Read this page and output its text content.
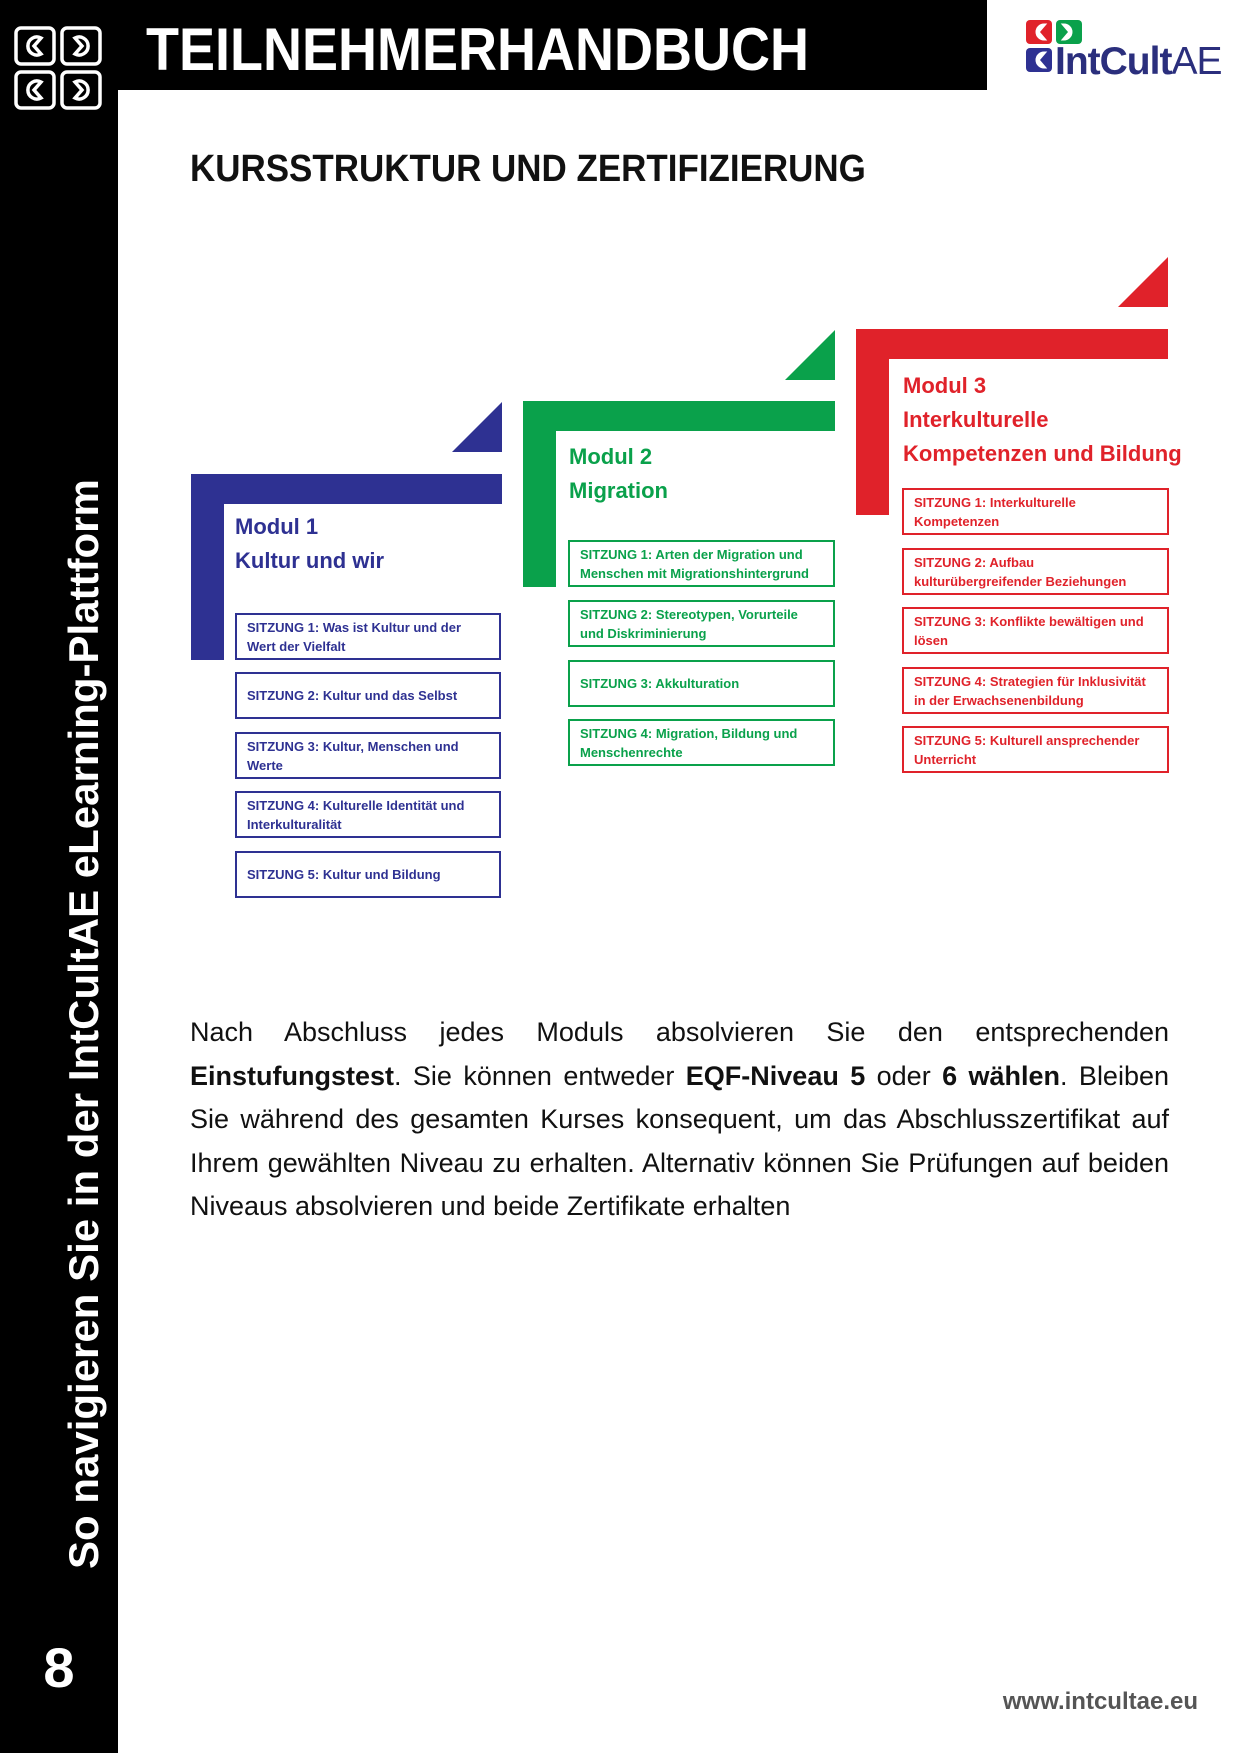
TEILNEHMERHANDBUCH	IntCultAE
So navigieren Sie in der IntCultAE eLearning-Plattform
8
KURSSTRUKTUR UND ZERTIFIZIERUNG
Modul 1
Kultur und wir
SITZUNG 1: Was ist Kultur und der Wert der Vielfalt
SITZUNG 2: Kultur und das Selbst
SITZUNG 3: Kultur, Menschen und Werte
SITZUNG 4: Kulturelle Identität und Interkulturalität
SITZUNG 5: Kultur und Bildung
Modul 2
Migration
SITZUNG 1: Arten der Migration und Menschen mit Migrationshintergrund
SITZUNG 2: Stereotypen, Vorurteile und Diskriminierung
SITZUNG 3: Akkulturation
SITZUNG 4: Migration, Bildung und Menschenrechte
Modul 3
Interkulturelle
Kompetenzen und Bildung
SITZUNG 1: Interkulturelle Kompetenzen
SITZUNG 2: Aufbau kulturübergreifender Beziehungen
SITZUNG 3: Konflikte bewältigen und lösen
SITZUNG 4: Strategien für Inklusivität in der Erwachsenenbildung
SITZUNG 5: Kulturell ansprechender Unterricht
Nach Abschluss jedes Moduls absolvieren Sie den entsprechenden Einstufungstest. Sie können entweder EQF-Niveau 5 oder 6 wählen. Bleiben Sie während des gesamten Kurses konsequent, um das Abschlusszertifikat auf Ihrem gewählten Niveau zu erhalten. Alternativ können Sie Prüfungen auf beiden Niveaus absolvieren und beide Zertifikate erhalten
www.intcultae.eu
